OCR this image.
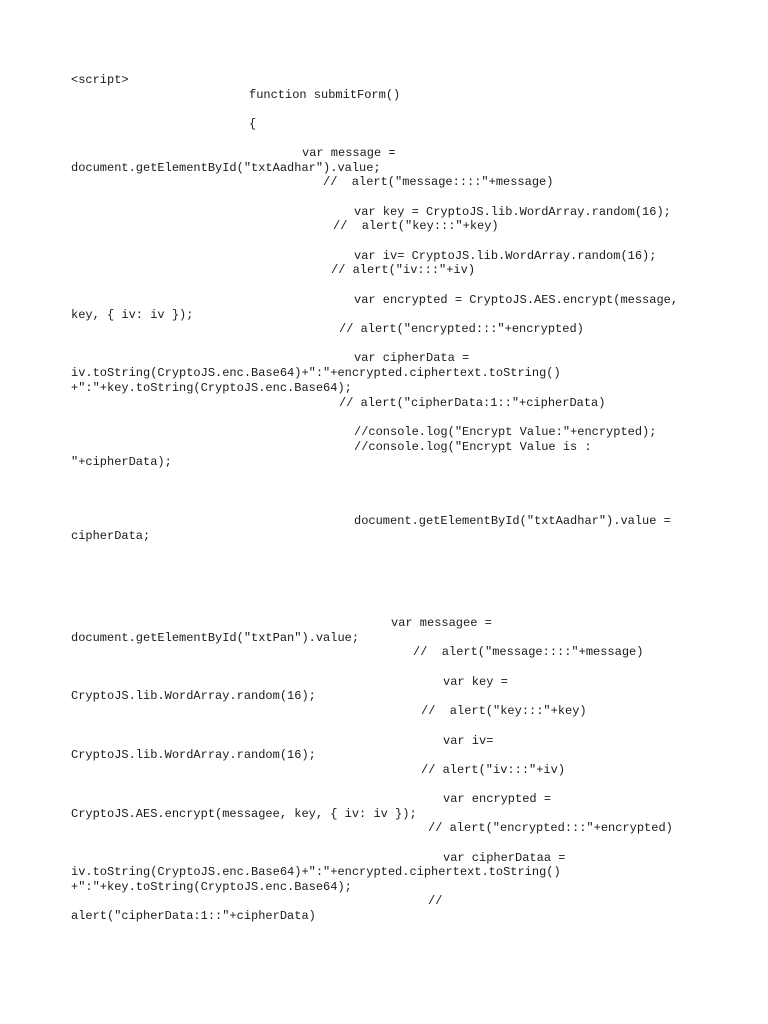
<script>
function submitForm()
{
var message =
document.getElementById("txtAadhar").value;
//  alert("message::::"+message)
var key = CryptoJS.lib.WordArray.random(16);
//  alert("key:::"+key)
var iv= CryptoJS.lib.WordArray.random(16);
// alert("iv:::"+iv)
var encrypted = CryptoJS.AES.encrypt(message,
key, { iv: iv });
// alert("encrypted:::"+encrypted)
var cipherData =
iv.toString(CryptoJS.enc.Base64)+":"+encrypted.ciphertext.toString()
+":"+key.toString(CryptoJS.enc.Base64);
// alert("cipherData:1::"+cipherData)
//console.log("Encrypt Value:"+encrypted);
//console.log("Encrypt Value is :
"+cipherData);
document.getElementById("txtAadhar").value =
cipherData;
var messagee =
document.getElementById("txtPan").value;
//  alert("message::::"+message)
var key =
CryptoJS.lib.WordArray.random(16);
//  alert("key:::"+key)
var iv=
CryptoJS.lib.WordArray.random(16);
// alert("iv:::"+iv)
var encrypted =
CryptoJS.AES.encrypt(messagee, key, { iv: iv });
// alert("encrypted:::"+encrypted)
var cipherDataa =
iv.toString(CryptoJS.enc.Base64)+":"+encrypted.ciphertext.toString()
+":"+key.toString(CryptoJS.enc.Base64);
//
alert("cipherData:1::"+cipherData)
